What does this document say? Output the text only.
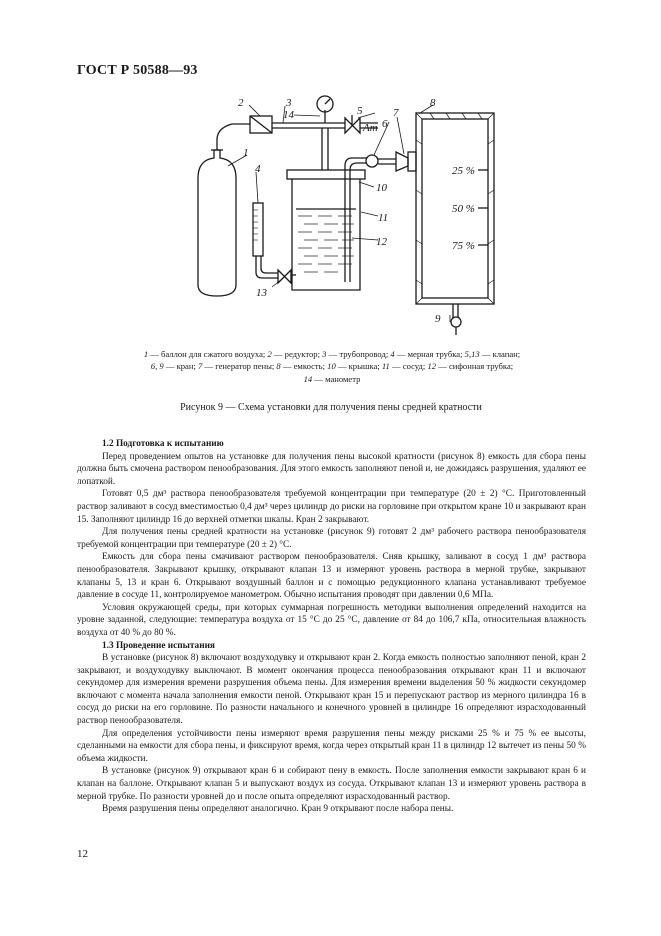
ГОСТ Р 50588—93
1
2	3
14
4
5
Ат 6
7
8
10
11
12
13
9
25 %
50 %
75 %
1 — баллон для сжатого воздуха; 2 — редуктор; 3 — трубопровод; 4 — мерная трубка; 5,13 — клапан;
6, 9 — кран; 7 — генератор пены; 8 — емкость; 10 — крышка; 11 — сосуд; 12 — сифонная трубка;
14 — манометр
Рисунок 9 — Схема установки для получения пены средней кратности
1.2 Подготовка к испытанию

Перед проведением опытов на установке для получения пены высокой кратности (рисунок 8) емкость для сбора пены должна быть смочена раствором пенообразования. Для этого емкость заполняют пеной и, не дожидаясь разрушения, удаляют ее лопаткой.

Готовят 0,5 дм³ раствора пенообразователя требуемой концентрации при температуре (20 ± 2) °С. Приготовленный раствор заливают в сосуд вместимостью 0,4 дм³ через цилиндр до риски на горловине при открытом кране 10 и закрывают кран 15. Заполняют цилиндр 16 до верхней отметки шкалы. Кран 2 закрывают.

Для получения пены средней кратности на установке (рисунок 9) готовят 2 дм³ рабочего раствора пенообразователя требуемой концентрации при температуре (20 ± 2) °С.

Емкость для сбора пены смачивают раствором пенообразователя. Сняв крышку, заливают в сосуд 1 дм³ раствора пенообразователя. Закрывают крышку, открывают клапан 13 и измеряют уровень раствора в мерной трубке, закрывают клапаны 5, 13 и кран 6. Открывают воздушный баллон и с помощью редукционного клапана устанавливают требуемое давление в сосуде 11, контролируемое манометром. Обычно испытания проводят при давлении 0,6 МПа.

Условия окружающей среды, при которых суммарная погрешность методики выполнения определений находится на уровне заданной, следующие: температура воздуха от 15 °С до 25 °С, давление от 84 до 106,7 кПа, относительная влажность воздуха от 40 % до 80 %.

1.3 Проведение испытания

В установке (рисунок 8) включают воздуходувку и открывают кран 2. Когда емкость полностью заполняют пеной, кран 2 закрывают, и воздуходувку выключают. В момент окончания процесса пенообразования открывают кран 11 и включают секундомер для измерения времени разрушения объема пены. Для измерения времени выделения 50 % жидкости секундомер включают с момента начала заполнения емкости пеной. Открывают кран 15 и перепускают раствор из мерного цилиндра 16 в сосуд до риски на его горловине. По разности начального и конечного уровней в цилиндре 16 определяют израсходованный раствор пенообразователя.

Для определения устойчивости пены измеряют время разрушения пены между рисками 25 % и 75 % ее высоты, сделанными на емкости для сбора пены, и фиксируют время, когда через открытый кран 11 в цилиндр 12 вытечет из пены 50 % объема жидкости.

В установке (рисунок 9) открывают кран 6 и собирают пену в емкость. После заполнения емкости закрывают кран 6 и клапан на баллоне. Открывают клапан 5 и выпускают воздух из сосуда. Открывают клапан 13 и измеряют уровень раствора в мерной трубке. По разности уровней до и после опыта определяют израсходованный раствор.

Время разрушения пены определяют аналогично. Кран 9 открывают после набора пены.

12
